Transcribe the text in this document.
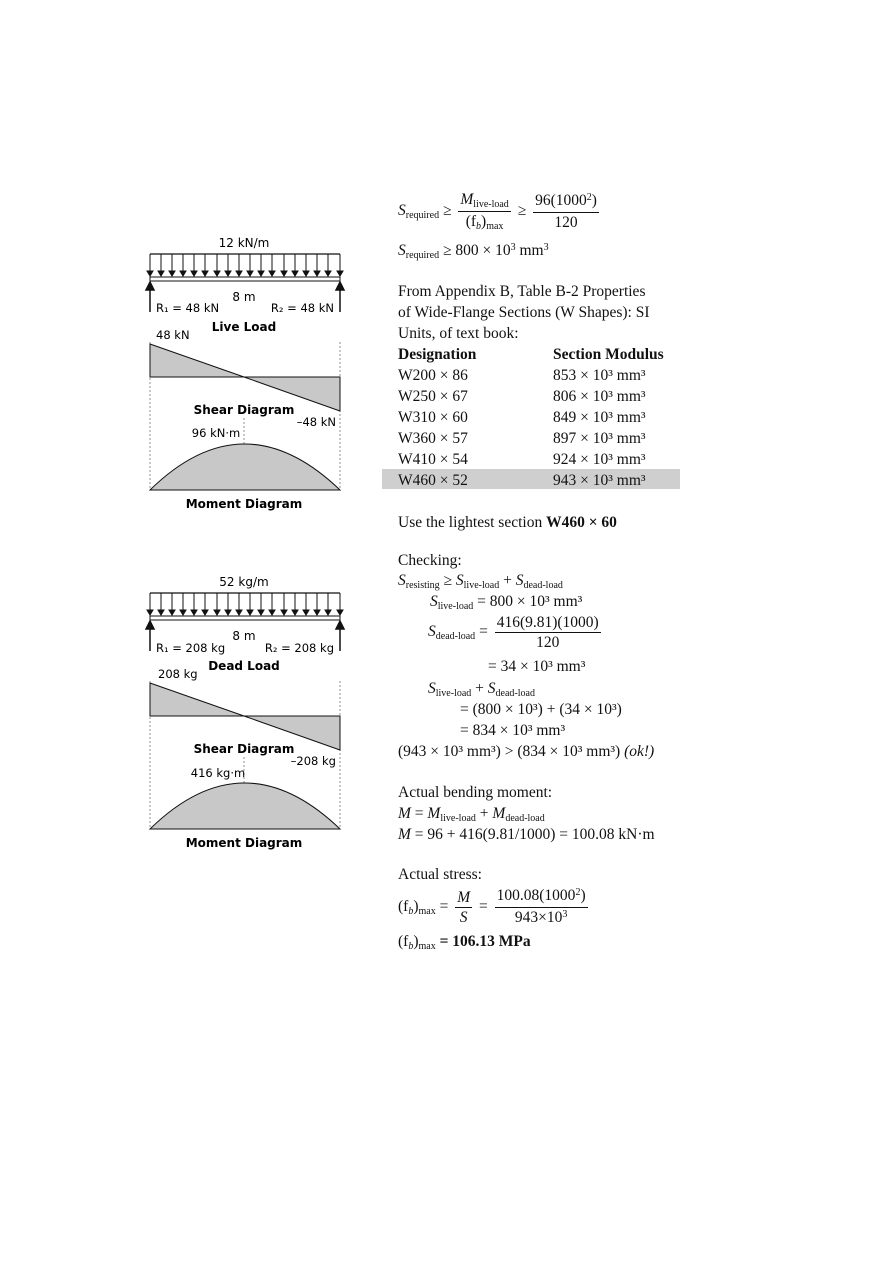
12 kN/m
8 m
R₁ = 48 kN	R₂ = 48 kN
Live Load
48 kN
Shear Diagram
–48 kN
96 kN·m
Moment Diagram
52 kg/m
8 m
R₁ = 208 kg	R₂ = 208 kg
Dead Load
208 kg
Shear Diagram
–208 kg
416 kg·m
Moment Diagram
Srequired ≥ $\frac{\text{Mlive-load}}{(fb)\max} \ge \frac{96(1000^2)}{120}$
Srequired ≥ $800 \times 10^3$ $mm^3$
From Appendix B, Table B-2 Properties
of Wide-Flange Sections (W Shapes): SI
Units, of text book:
Designation	Section Modulus
W200 × 86	853 × 10³ mm³
W250 × 67	806 × 10³ mm³
W310 × 60	849 × 10³ mm³
W360 × 57	897 × 10³ mm³
W410 × 54	924 × 10³ mm³
W460 × 52	943 × 10³ mm³
Use the lightest section W460 × 60
Checking:
Sresisting ≥ Slive-load + Sdead-load
Slive-load = 800 × 10³ mm³
Sdead-load = $\frac{416(9.81)(1000)}{120}$
= 34 × 10³ mm³
Slive-load + Sdead-load
= (800 × 10³) + (34 × 10³)
= 834 × 10³ mm³
(943 × 10³ mm³) > (834 × 10³ mm³) (ok!)
Actual bending moment:
M = Mlive-load + Mdead-load
M = 96 + 416(9.81/1000) = 100.08 kN·m
Actual stress:
$(fb)\max = \frac{M}{S} = \frac{100.08(1000^2)}{943\times 10^3}$
(fb)max = 106.13 MPa
